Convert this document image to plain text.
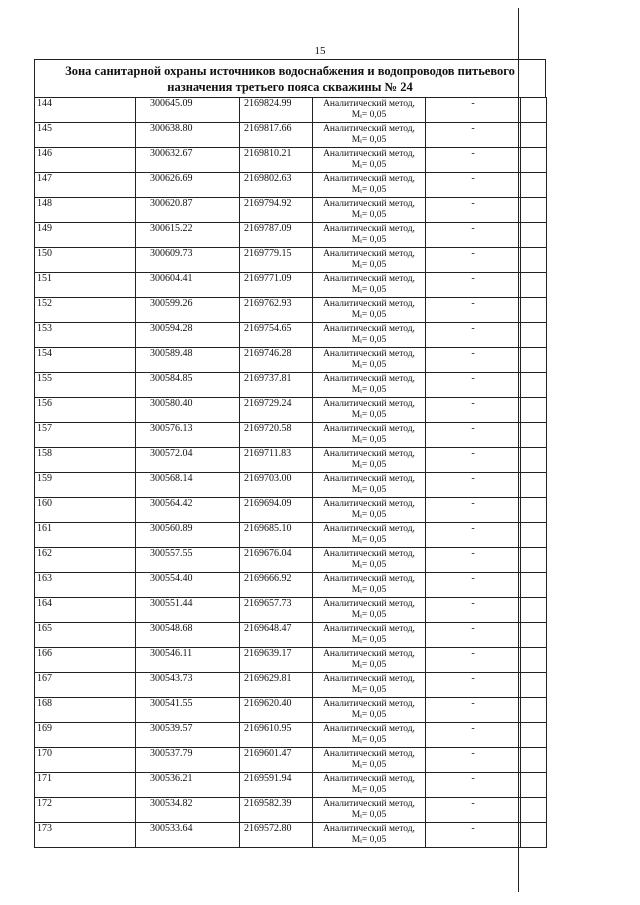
15
Зона санитарной охраны источников водоснабжения и водопроводов питьевого
назначения третьего пояса скважины № 24
144	300645.09	2169824.99	Аналитический метод,
Mt= 0,05	-	
145	300638.80	2169817.66	Аналитический метод,
Mt= 0,05	-	
146	300632.67	2169810.21	Аналитический метод,
Mt= 0,05	-	
147	300626.69	2169802.63	Аналитический метод,
Mt= 0,05	-	
148	300620.87	2169794.92	Аналитический метод,
Mt= 0,05	-	
149	300615.22	2169787.09	Аналитический метод,
Mt= 0,05	-	
150	300609.73	2169779.15	Аналитический метод,
Mt= 0,05	-	
151	300604.41	2169771.09	Аналитический метод,
Mt= 0,05	-	
152	300599.26	2169762.93	Аналитический метод,
Mt= 0,05	-	
153	300594.28	2169754.65	Аналитический метод,
Mt= 0,05	-	
154	300589.48	2169746.28	Аналитический метод,
Mt= 0,05	-	
155	300584.85	2169737.81	Аналитический метод,
Mt= 0,05	-	
156	300580.40	2169729.24	Аналитический метод,
Mt= 0,05	-	
157	300576.13	2169720.58	Аналитический метод,
Mt= 0,05	-	
158	300572.04	2169711.83	Аналитический метод,
Mt= 0,05	-	
159	300568.14	2169703.00	Аналитический метод,
Mt= 0,05	-	
160	300564.42	2169694.09	Аналитический метод,
Mt= 0,05	-	
161	300560.89	2169685.10	Аналитический метод,
Mt= 0,05	-	
162	300557.55	2169676.04	Аналитический метод,
Mt= 0,05	-	
163	300554.40	2169666.92	Аналитический метод,
Mt= 0,05	-	
164	300551.44	2169657.73	Аналитический метод,
Mt= 0,05	-	
165	300548.68	2169648.47	Аналитический метод,
Mt= 0,05	-	
166	300546.11	2169639.17	Аналитический метод,
Mt= 0,05	-	
167	300543.73	2169629.81	Аналитический метод,
Mt= 0,05	-	
168	300541.55	2169620.40	Аналитический метод,
Mt= 0,05	-	
169	300539.57	2169610.95	Аналитический метод,
Mt= 0,05	-	
170	300537.79	2169601.47	Аналитический метод,
Mt= 0,05	-	
171	300536.21	2169591.94	Аналитический метод,
Mt= 0,05	-	
172	300534.82	2169582.39	Аналитический метод,
Mt= 0,05	-	
173	300533.64	2169572.80	Аналитический метод,
Mt= 0,05	-	
